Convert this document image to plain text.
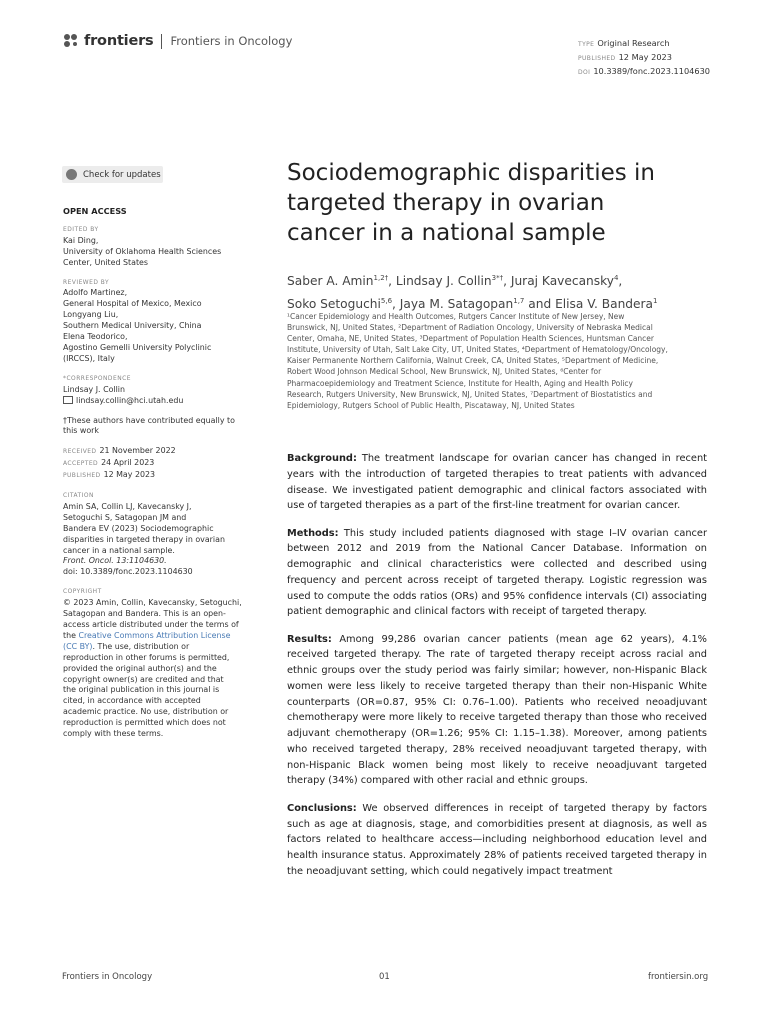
frontiers Frontiers in Oncology	TYPE Original Research
PUBLISHED 12 May 2023
DOI 10.3389/fonc.2023.1104630
Check for updates
OPEN ACCESS
EDITED BY
Kai Ding,
University of Oklahoma Health Sciences
Center, United States
REVIEWED BY
Adolfo Martinez,
General Hospital of Mexico, Mexico
Longyang Liu,
Southern Medical University, China
Elena Teodorico,
Agostino Gemelli University Polyclinic
(IRCCS), Italy
*CORRESPONDENCE
Lindsay J. Collin
lindsay.collin@hci.utah.edu
†These authors have contributed equally to
this work
RECEIVED 21 November 2022
ACCEPTED 24 April 2023
PUBLISHED 12 May 2023
CITATION
Amin SA, Collin LJ, Kavecansky J,
Setoguchi S, Satagopan JM and
Bandera EV (2023) Sociodemographic
disparities in targeted therapy in ovarian
cancer in a national sample.
Front. Oncol. 13:1104630.
doi: 10.3389/fonc.2023.1104630
COPYRIGHT
© 2023 Amin, Collin, Kavecansky, Setoguchi,
Satagopan and Bandera. This is an open-
access article distributed under the terms of
the Creative Commons Attribution License
(CC BY). The use, distribution or
reproduction in other forums is permitted,
provided the original author(s) and the
copyright owner(s) are credited and that
the original publication in this journal is
cited, in accordance with accepted
academic practice. No use, distribution or
reproduction is permitted which does not
comply with these terms.
Sociodemographic disparities in
targeted therapy in ovarian
cancer in a national sample
Saber A. Amin$^{1,2\dagger}$, Lindsay J. Collin$^{3*\dagger}$, Juraj Kavecansky$^4$,
Soko Setoguchi$^{5,6}$, Jaya M. Satagopan$^{1,7}$ and Elisa V. Bandera$^1$
¹Cancer Epidemiology and Health Outcomes, Rutgers Cancer Institute of New Jersey, New
Brunswick, NJ, United States, ²Department of Radiation Oncology, University of Nebraska Medical
Center, Omaha, NE, United States, ³Department of Population Health Sciences, Huntsman Cancer
Institute, University of Utah, Salt Lake City, UT, United States, ⁴Department of Hematology/Oncology,
Kaiser Permanente Northern California, Walnut Creek, CA, United States, ⁵Department of Medicine,
Robert Wood Johnson Medical School, New Brunswick, NJ, United States, ⁶Center for
Pharmacoepidemiology and Treatment Science, Institute for Health, Aging and Health Policy
Research, Rutgers University, New Brunswick, NJ, United States, ⁷Department of Biostatistics and
Epidemiology, Rutgers School of Public Health, Piscataway, NJ, United States

Background: The treatment landscape for ovarian cancer has changed in recent years with the introduction of targeted therapies to treat patients with advanced disease. We investigated patient demographic and clinical factors associated with use of targeted therapies as a part of the first-line treatment for ovarian cancer.

Methods: This study included patients diagnosed with stage I–IV ovarian cancer between 2012 and 2019 from the National Cancer Database. Information on demographic and clinical characteristics were collected and described using frequency and percent across receipt of targeted therapy. Logistic regression was used to compute the odds ratios (ORs) and 95% confidence intervals (CI) associating patient demographic and clinical factors with receipt of targeted therapy.

Results: Among 99,286 ovarian cancer patients (mean age 62 years), 4.1% received targeted therapy. The rate of targeted therapy receipt across racial and ethnic groups over the study period was fairly similar; however, non-Hispanic Black women were less likely to receive targeted therapy than their non-Hispanic White counterparts (OR=0.87, 95% CI: 0.76–1.00). Patients who received neoadjuvant chemotherapy were more likely to receive targeted therapy than those who received adjuvant chemotherapy (OR=1.26; 95% CI: 1.15–1.38). Moreover, among patients who received targeted therapy, 28% received neoadjuvant targeted therapy, with non-Hispanic Black women being most likely to receive neoadjuvant targeted therapy (34%) compared with other racial and ethnic groups.

Conclusions: We observed differences in receipt of targeted therapy by factors such as age at diagnosis, stage, and comorbidities present at diagnosis, as well as factors related to healthcare access—including neighborhood education level and health insurance status. Approximately 28% of patients received targeted therapy in the neoadjuvant setting, which could negatively impact treatment

Frontiers in Oncology	01	frontiersin.org
